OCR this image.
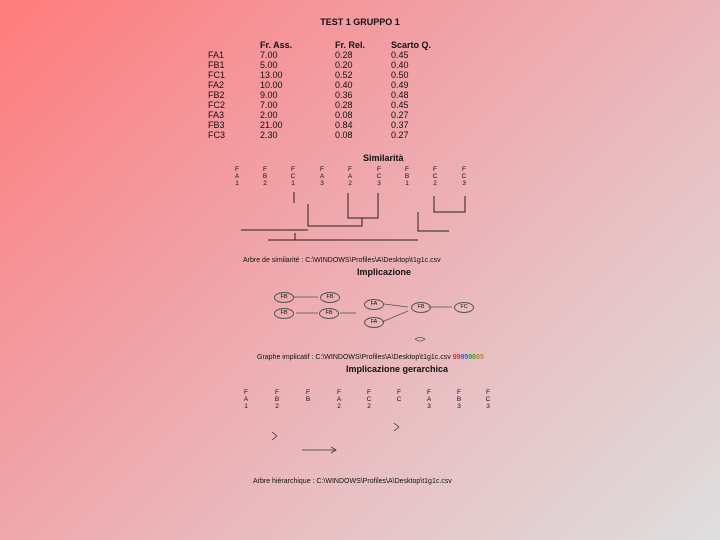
TEST 1 GRUPPO 1
	Fr. Ass.	Fr. Rel.	Scarto Q.
FA1	7.00	0.28	0.45
FB1	5.00	0.20	0.40
FC1	13.00	0.52	0.50
FA2	10.00	0.40	0.49
FB2	9.00	0.36	0.48
FC2	7.00	0.28	0.45
FA3	2.00	0.08	0.27
FB3	21.00	0.84	0.37
FC3	2.30	0.08	0.27
Similarità
F
A
1
F
B
2
F
C
1
F
A
3
F
A
2
F
C
3
F
B
1
F
C
2
F
C
3
Arbre de similarité : C:\WINDOWS\Profiles\A\Desktop\t1g1c.csv
Implicazione
FB	FB
FA
FB	FB
FA
FB	FC
Graphe implicatif : C:\WINDOWS\Profiles\A\Desktop\t1g1c.csv 99959085
Implicazione gerarchica
F
A
1
F
B
2
F
B
F
A
2
F
C
2
F
C
F
A
3
F
B
3
F
C
3
Arbre hiérarchique : C:\WINDOWS\Profiles\A\Desktop\t1g1c.csv
